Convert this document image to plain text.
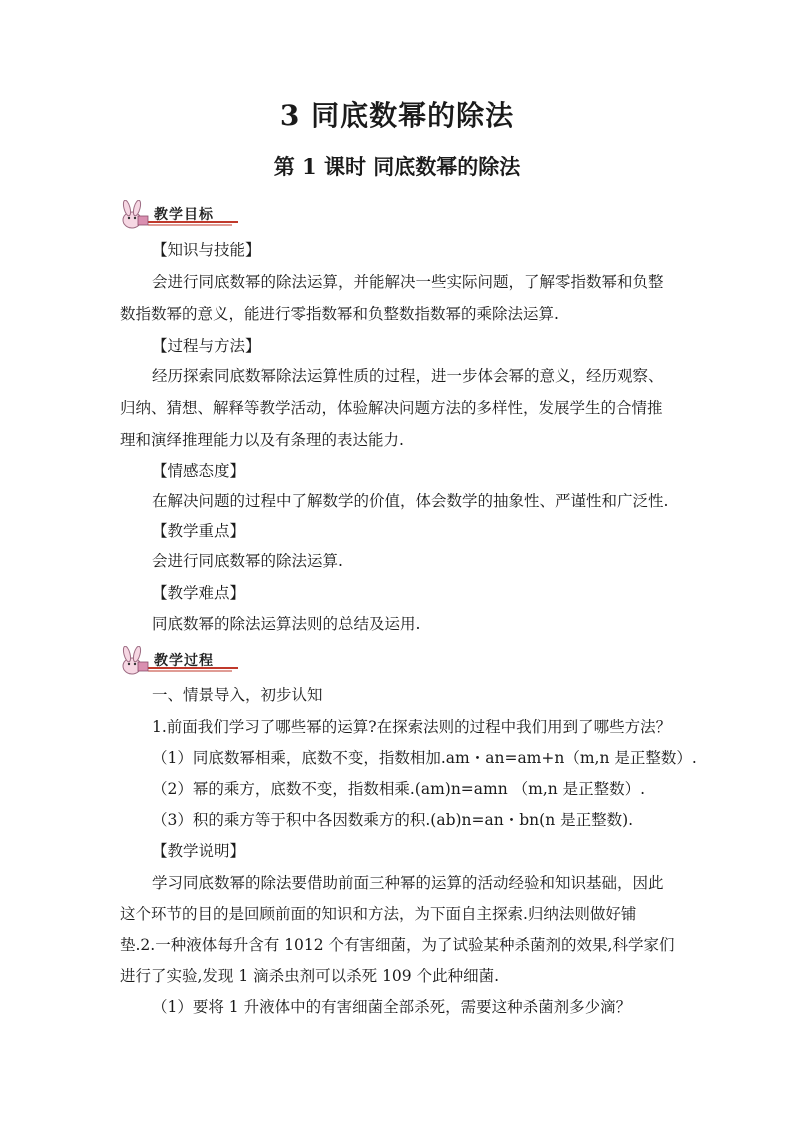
3 同底数幂的除法
第 1 课时 同底数幂的除法
教学目标
【知识与技能】
会进行同底数幂的除法运算，并能解决一些实际问题，了解零指数幂和负整
数指数幂的意义，能进行零指数幂和负整数指数幂的乘除法运算.
【过程与方法】
经历探索同底数幂除法运算性质的过程，进一步体会幂的意义，经历观察、
归纳、猜想、解释等教学活动，体验解决问题方法的多样性，发展学生的合情推
理和演绎推理能力以及有条理的表达能力.
【情感态度】
在解决问题的过程中了解数学的价值，体会数学的抽象性、严谨性和广泛性.
【教学重点】
会进行同底数幂的除法运算.
【教学难点】
同底数幂的除法运算法则的总结及运用.
教学过程
一、情景导入，初步认知
1.前面我们学习了哪些幂的运算?在探索法则的过程中我们用到了哪些方法？
（1）同底数幂相乘，底数不变，指数相加.am・an=am+n（m,n 是正整数）.
（2）幂的乘方，底数不变，指数相乘.(am)n=amn （m,n 是正整数）.
（3）积的乘方等于积中各因数乘方的积.(ab)n=an・bn(n 是正整数).
【教学说明】
学习同底数幂的除法要借助前面三种幂的运算的活动经验和知识基础，因此
这个环节的目的是回顾前面的知识和方法，为下面自主探索.归纳法则做好铺
垫.2.一种液体每升含有 1012 个有害细菌，为了试验某种杀菌剂的效果,科学家们
进行了实验,发现 1 滴杀虫剂可以杀死 109 个此种细菌.
（1）要将 1 升液体中的有害细菌全部杀死，需要这种杀菌剂多少滴？
